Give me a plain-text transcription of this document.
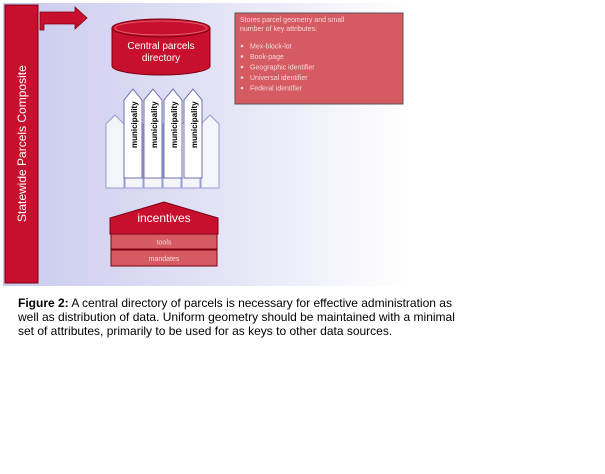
Statewide Parcels Composite
Central parcels
directory
Stores parcel geometry and small
number of key attributes:
Mex-block-lot
Book-page
Geographic identifier
Universal identifier
Federal identifier
municipality municipality municipality municipality
incentives
tools
mandates
Figure 2: A central directory of parcels is necessary for effective administration as well as distribution of data. Uniform geometry should be maintained with a minimal set of attributes, primarily to be used for as keys to other data sources.
